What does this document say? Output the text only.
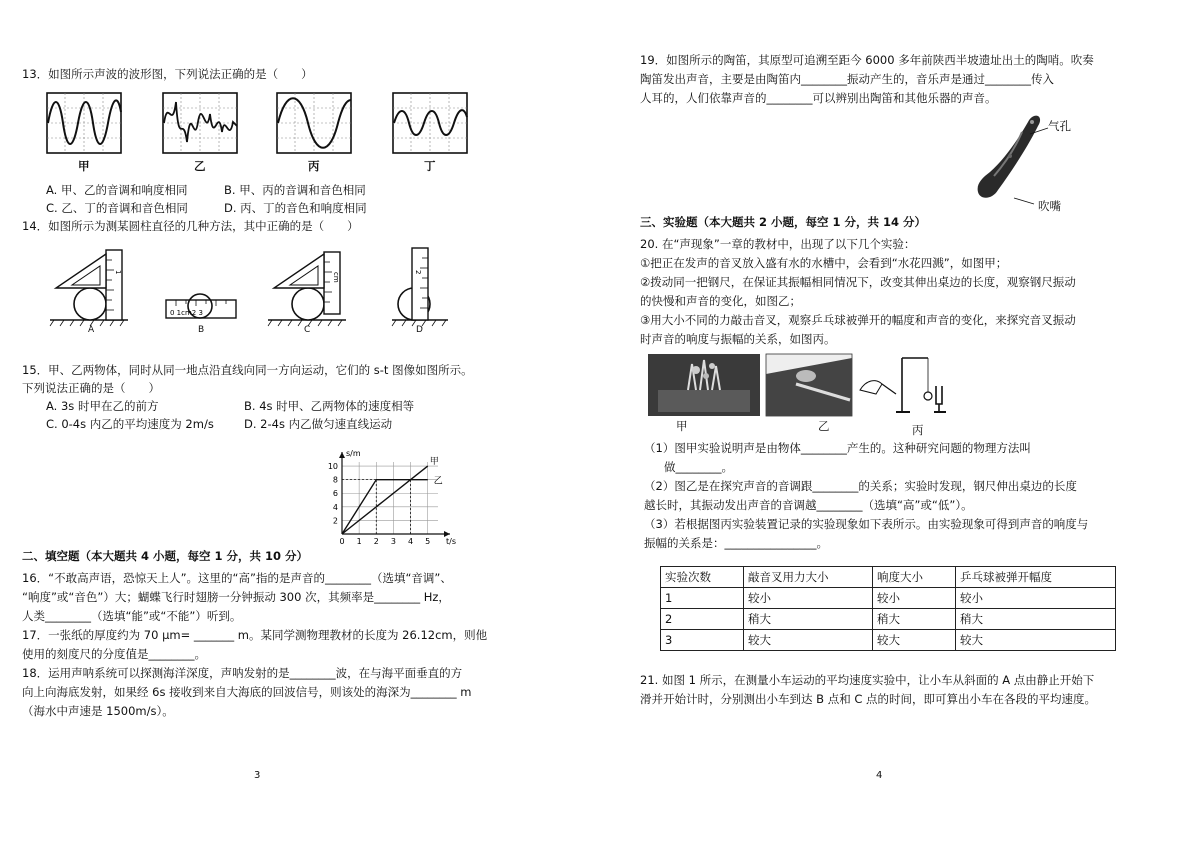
13．如图所示声波的波形图，下列说法正确的是（　　）
甲	乙	丙	丁
A. 甲、乙的音调和响度相同	B. 甲、丙的音调和音色相同
C. 乙、丁的音调和音色相同	D. 丙、丁的音色和响度相同
14．如图所示为测某圆柱直径的几种方法，其中正确的是（　　）
1
A
0 1cm2 3
B
cm
C
2
D
15．甲、乙两物体，同时从同一地点沿直线向同一方向运动，它们的 s-t 图像如图所示。
下列说法正确的是（　　）
A. 3s 时甲在乙的前方	B. 4s 时甲、乙两物体的速度相等
C. 0-4s 内乙的平均速度为 2m/s	D. 2-4s 内乙做匀速直线运动
2
4
6
8
10
0 1 2 3 4 5
s/m
t/s
甲
乙
二、填空题（本大题共 4 小题，每空 1 分，共 10 分）
16．“不敢高声语，恐惊天上人”。这里的“高”指的是声音的________（选填“音调”、
“响度”或“音色”）大；蝴蝶飞行时翅膀一分钟振动 300 次，其频率是________ Hz，
人类________（选填“能”或“不能”）听到。
17．一张纸的厚度约为 70 μm= _______ m。某同学测物理教材的长度为 26.12cm，则他
使用的刻度尺的分度值是________。
18．运用声呐系统可以探测海洋深度，声呐发射的是________波，在与海平面垂直的方
向上向海底发射，如果经 6s 接收到来自大海底的回波信号，则该处的海深为________ m
（海水中声速是 1500m/s）。
3
19．如图所示的陶笛，其原型可追溯至距今 6000 多年前陕西半坡遗址出土的陶哨。吹奏
陶笛发出声音，主要是由陶笛内________振动产生的，音乐声是通过________传入
人耳的，人们依靠声音的________可以辨别出陶笛和其他乐器的声音。
气孔
吹嘴
三、实验题（本大题共 2 小题，每空 1 分，共 14 分）
20. 在“声现象”一章的教材中，出现了以下几个实验：
①把正在发声的音叉放入盛有水的水槽中，会看到“水花四溅”，如图甲；
②拨动同一把钢尺，在保证其振幅相同情况下，改变其伸出桌边的长度，观察钢尺振动
的快慢和声音的变化，如图乙；
③用大小不同的力敲击音叉，观察乒乓球被弹开的幅度和声音的变化，来探究音叉振动
时声音的响度与振幅的关系，如图丙。
甲	乙	丙
（1）图甲实验说明声是由物体________产生的。这种研究问题的物理方法叫
做________。
（2）图乙是在探究声音的音调跟________的关系；实验时发现，钢尺伸出桌边的长度
越长时，其振动发出声音的音调越________（选填“高”或“低”）。
（3）若根据图丙实验装置记录的实验现象如下表所示。由实验现象可得到声音的响度与
振幅的关系是：________________。
实验次数	敲音叉用力大小	响度大小	乒乓球被弹开幅度
1	较小	较小	较小
2	稍大	稍大	稍大
3	较大	较大	较大
21. 如图 1 所示，在测量小车运动的平均速度实验中，让小车从斜面的 A 点由静止开始下
滑并开始计时，分别测出小车到达 B 点和 C 点的时间，即可算出小车在各段的平均速度。
4
